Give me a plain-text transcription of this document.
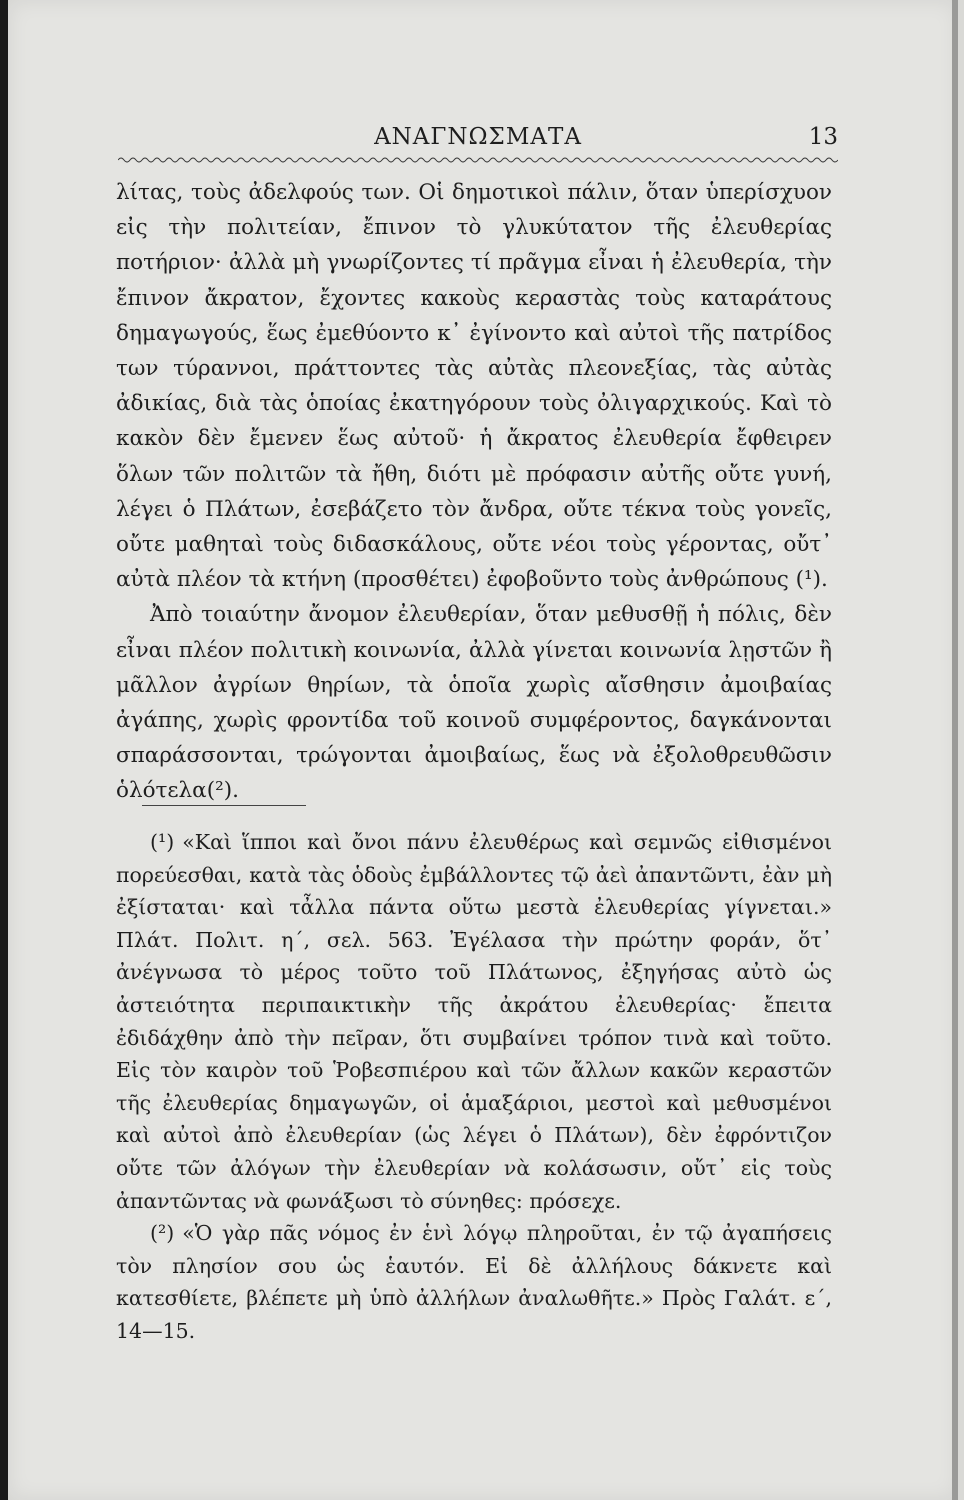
ΑΝΑΓΝΩΣΜΑΤΑ	13

λίτας, τοὺς ἀδελφούς των. Οἱ δημοτικοὶ πάλιν, ὅταν ὑπερίσχυον εἰς τὴν πολιτείαν, ἔπινον τὸ γλυκύτατον τῆς ἐλευθερίας ποτήριον· ἀλλὰ μὴ γνωρίζοντες τί πρᾶγμα εἶναι ἡ ἐλευθερία, τὴν ἔπινον ἄκρατον, ἔχοντες κακοὺς κεραστὰς τοὺς καταράτους δημαγωγούς, ἕως ἐμεθύοντο κ᾽ ἐγίνοντο καὶ αὐτοὶ τῆς πατρίδος των τύραννοι, πράττοντες τὰς αὐτὰς πλεονεξίας, τὰς αὐτὰς ἀδικίας, διὰ τὰς ὁποίας ἐκατηγόρουν τοὺς ὀλιγαρχικούς. Καὶ τὸ κακὸν δὲν ἔμενεν ἕως αὐτοῦ· ἡ ἄκρατος ἐλευθερία ἔφθειρεν ὅλων τῶν πολιτῶν τὰ ἤθη, διότι μὲ πρόφασιν αὐτῆς οὔτε γυνή, λέγει ὁ Πλάτων, ἐσεβάζετο τὸν ἄνδρα, οὔτε τέκνα τοὺς γονεῖς, οὔτε μαθηταὶ τοὺς διδασκάλους, οὔτε νέοι τοὺς γέροντας, οὔτ᾽ αὐτὰ πλέον τὰ κτήνη (προσθέτει) ἐφοβοῦντο τοὺς ἀνθρώπους (¹).

Ἀπὸ τοιαύτην ἄνομον ἐλευθερίαν, ὅταν μεθυσθῇ ἡ πόλις, δὲν εἶναι πλέον πολιτικὴ κοινωνία, ἀλλὰ γίνεται κοινωνία λῃστῶν ἢ μᾶλλον ἀγρίων θηρίων, τὰ ὁποῖα χωρὶς αἴσθησιν ἀμοιβαίας ἀγάπης, χωρὶς φροντίδα τοῦ κοινοῦ συμφέροντος, δαγκάνονται σπαράσσονται, τρώγονται ἀμοιβαίως, ἕως νὰ ἐξολοθρευθῶσιν ὁλότελα(²).

(¹) «Καὶ ἵπποι καὶ ὄνοι πάνυ ἐλευθέρως καὶ σεμνῶς εἰθισμένοι πορεύεσθαι, κατὰ τὰς ὁδοὺς ἐμβάλλοντες τῷ ἀεὶ ἀπαντῶντι, ἐὰν μὴ ἐξίσταται· καὶ τἆλλα πάντα οὕτω μεστὰ ἐλευθερίας γίγνεται.» Πλάτ. Πολιτ. η΄, σελ. 563. Ἐγέλασα τὴν πρώτην φοράν, ὅτ᾽ ἀνέγνωσα τὸ μέρος τοῦτο τοῦ Πλάτωνος, ἐξηγήσας αὐτὸ ὡς ἀστειότητα περιπαικτικὴν τῆς ἀκράτου ἐλευθερίας· ἔπειτα ἐδιδάχθην ἀπὸ τὴν πεῖραν, ὅτι συμβαίνει τρόπον τινὰ καὶ τοῦτο. Εἰς τὸν καιρὸν τοῦ Ῥοβεσπιέρου καὶ τῶν ἄλλων κακῶν κεραστῶν τῆς ἐλευθερίας δημαγωγῶν, οἱ ἁμαξάριοι, μεστοὶ καὶ μεθυσμένοι καὶ αὐτοὶ ἀπὸ ἐλευθερίαν (ὡς λέγει ὁ Πλάτων), δὲν ἐφρόντιζον οὔτε τῶν ἀλόγων τὴν ἐλευθερίαν νὰ κολάσωσιν, οὔτ᾽ εἰς τοὺς ἀπαντῶντας νὰ φωνάξωσι τὸ σύνηθες: πρόσεχε.

(²) «Ὁ γὰρ πᾶς νόμος ἐν ἑνὶ λόγῳ πληροῦται, ἐν τῷ ἀγαπήσεις τὸν πλησίον σου ὡς ἑαυτόν. Εἰ δὲ ἀλλήλους δάκνετε καὶ κατεσθίετε, βλέπετε μὴ ὑπὸ ἀλλήλων ἀναλωθῆτε.» Πρὸς Γαλάτ. ε΄, 14—15.
